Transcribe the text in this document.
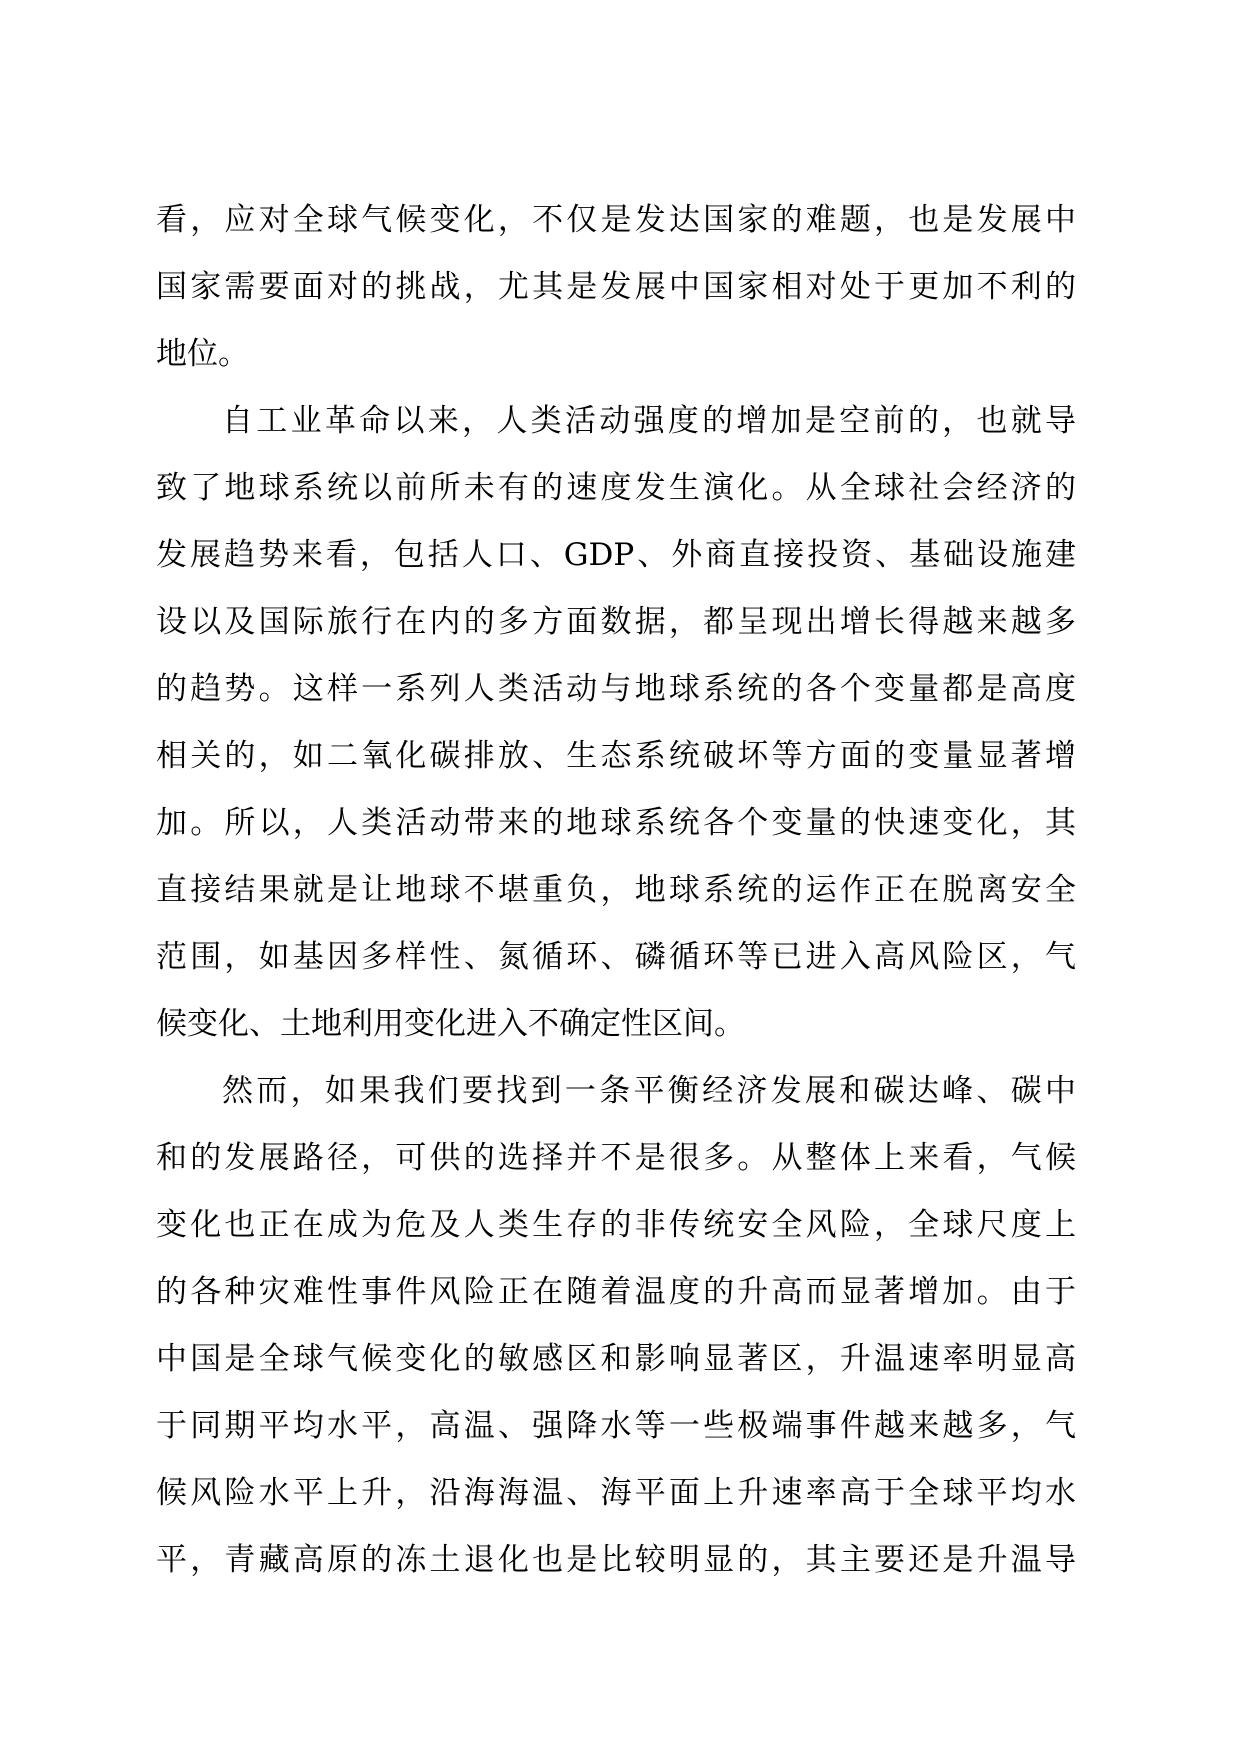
看，应对全球气候变化，不仅是发达国家的难题，也是发展中
国家需要面对的挑战，尤其是发展中国家相对处于更加不利的
地位。
自工业革命以来，人类活动强度的增加是空前的，也就导
致了地球系统以前所未有的速度发生演化。从全球社会经济的
发展趋势来看，包括人口、GDP、外商直接投资、基础设施建
设以及国际旅行在内的多方面数据，都呈现出增长得越来越多
的趋势。这样一系列人类活动与地球系统的各个变量都是高度
相关的，如二氧化碳排放、生态系统破坏等方面的变量显著增
加。所以，人类活动带来的地球系统各个变量的快速变化，其
直接结果就是让地球不堪重负，地球系统的运作正在脱离安全
范围，如基因多样性、氮循环、磷循环等已进入高风险区，气
候变化、土地利用变化进入不确定性区间。
然而，如果我们要找到一条平衡经济发展和碳达峰、碳中
和的发展路径，可供的选择并不是很多。从整体上来看，气候
变化也正在成为危及人类生存的非传统安全风险，全球尺度上
的各种灾难性事件风险正在随着温度的升高而显著增加。由于
中国是全球气候变化的敏感区和影响显著区，升温速率明显高
于同期平均水平，高温、强降水等一些极端事件越来越多，气
候风险水平上升，沿海海温、海平面上升速率高于全球平均水
平，青藏高原的冻土退化也是比较明显的，其主要还是升温导
